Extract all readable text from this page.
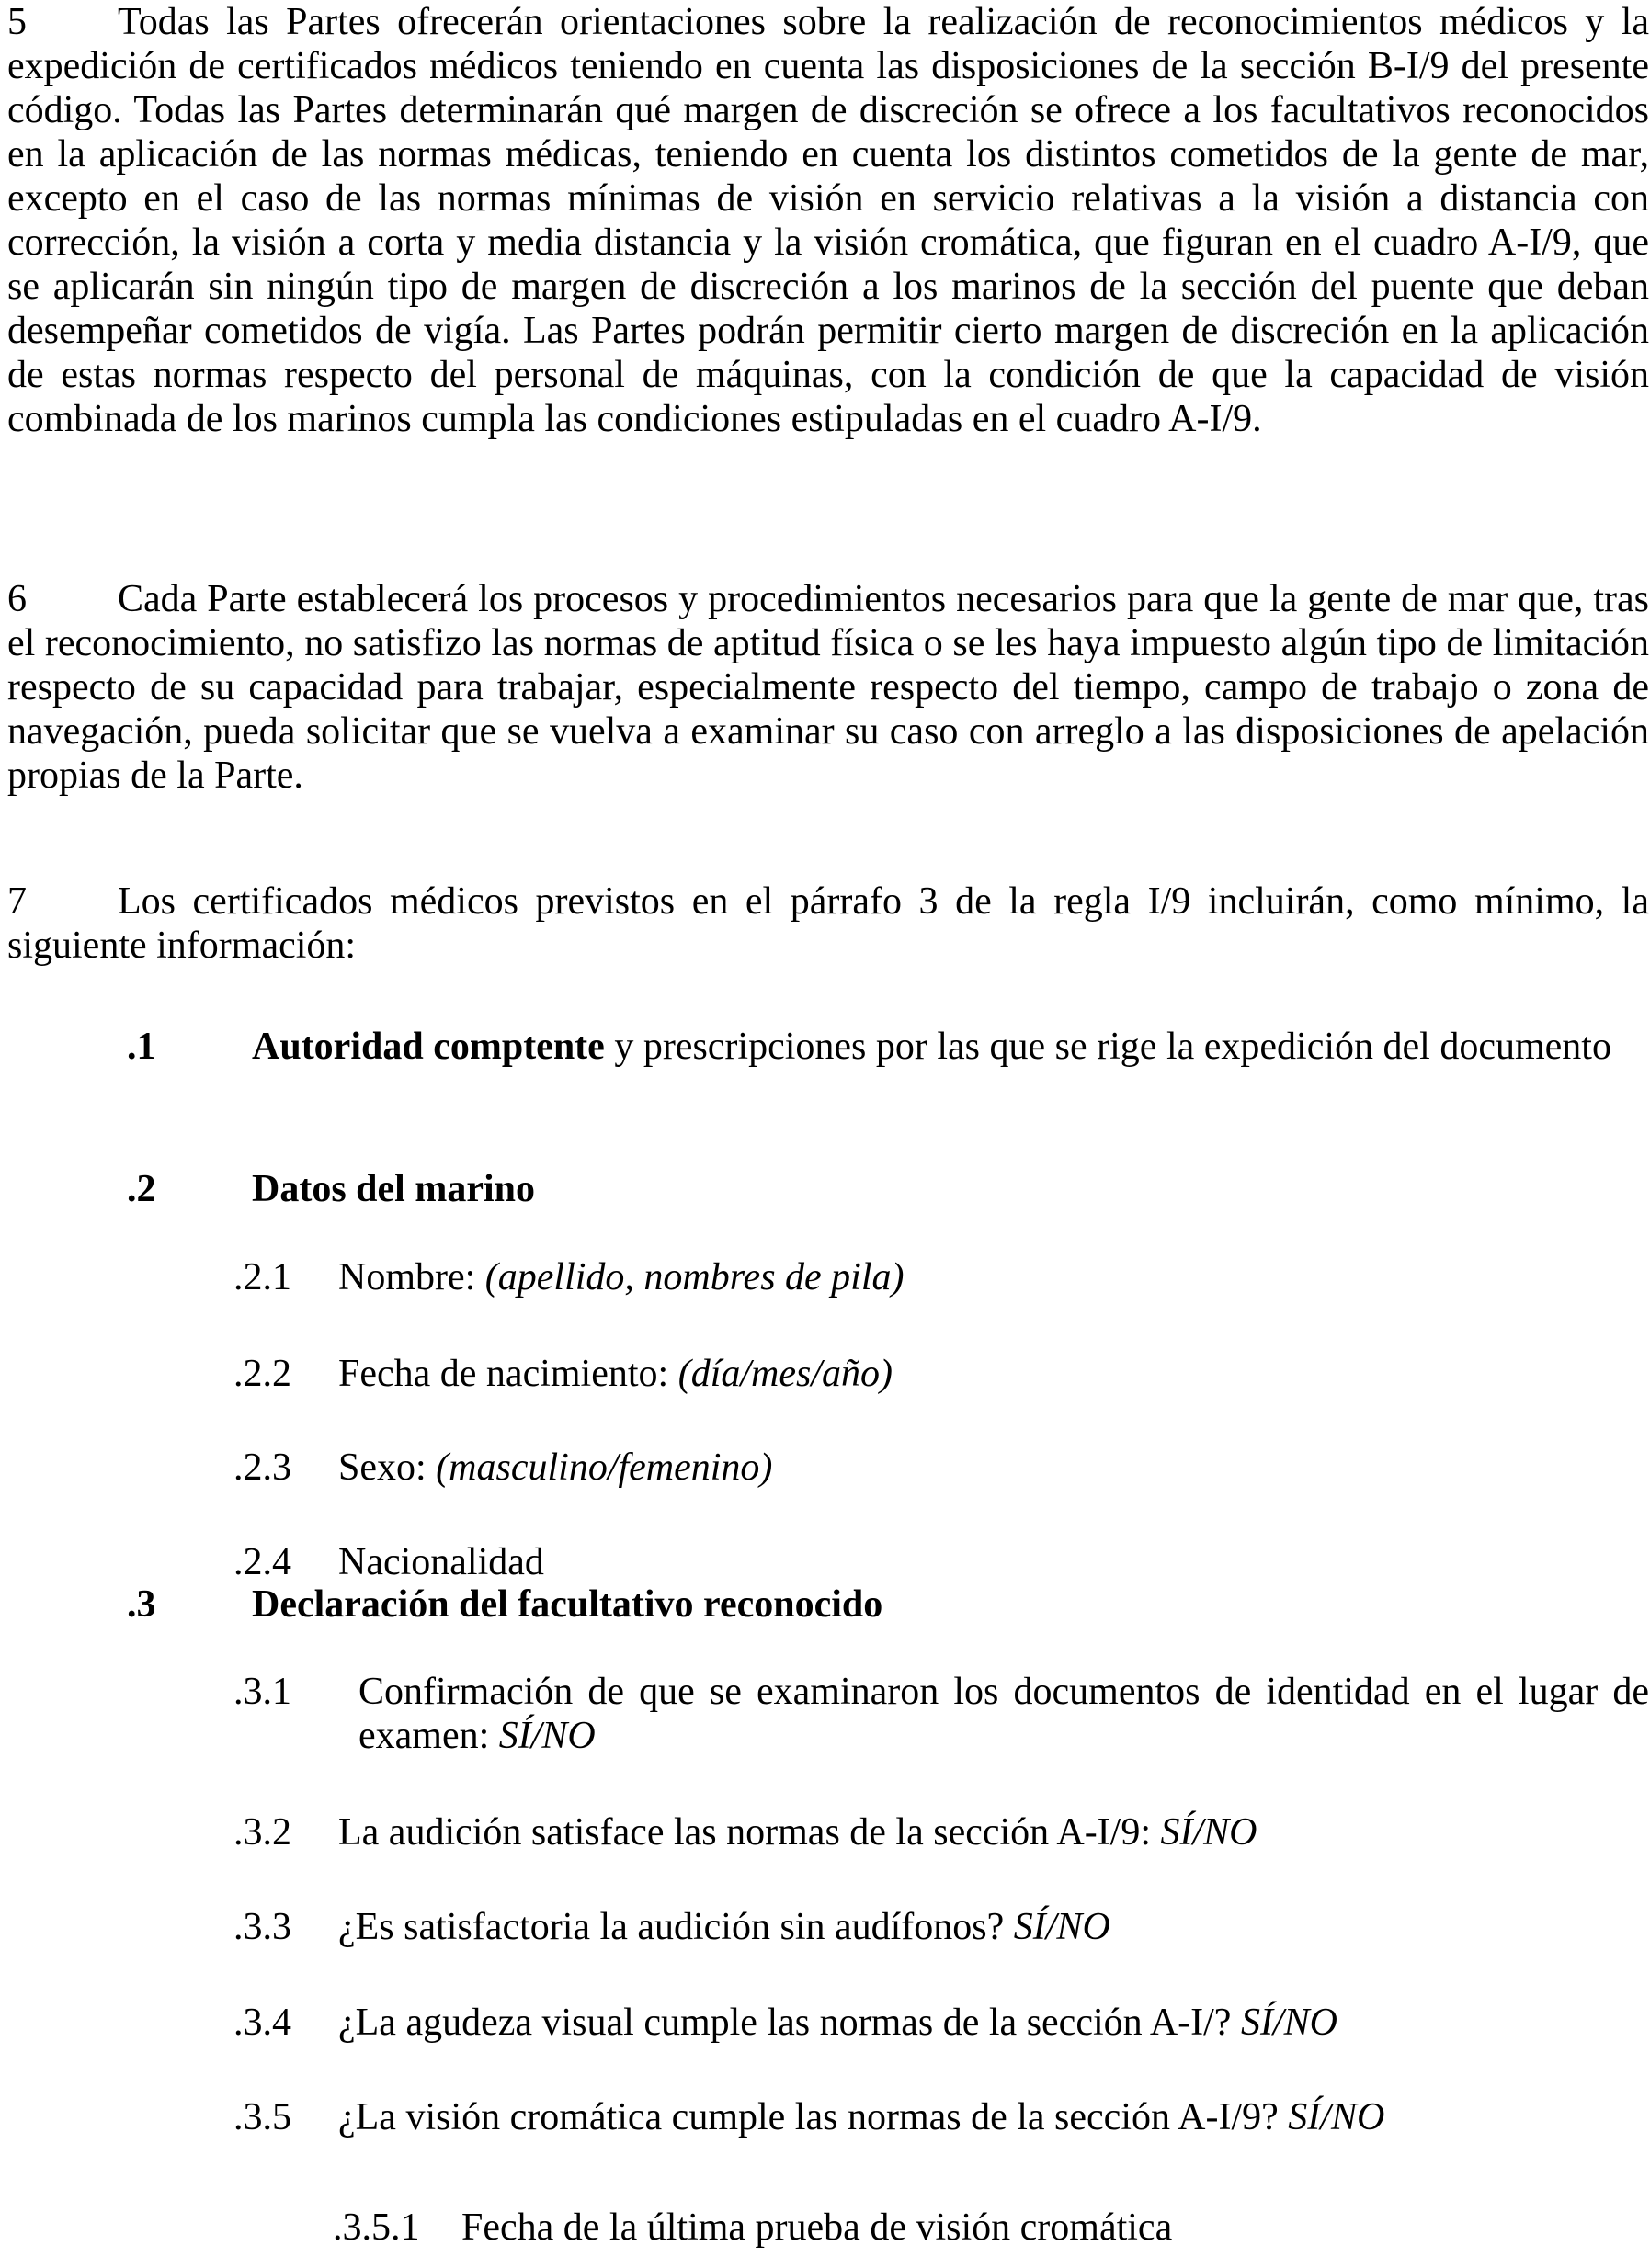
5 Todas las Partes ofrecerán orientaciones sobre la realización de reconocimientos médicos y la expedición de certificados médicos teniendo en cuenta las disposiciones de la sección B-I/9 del presente código. Todas las Partes determinarán qué margen de discreción se ofrece a los facultativos reconocidos en la aplicación de las normas médicas, teniendo en cuenta los distintos cometidos de la gente de mar, excepto en el caso de las normas mínimas de visión en servicio relativas a la visión a distancia con corrección, la visión a corta y media distancia y la visión cromática, que figuran en el cuadro A-I/9, que se aplicarán sin ningún tipo de margen de discreción a los marinos de la sección del puente que deban desempeñar cometidos de vigía. Las Partes podrán permitir cierto margen de discreción en la aplicación de estas normas respecto del personal de máquinas, con la condición de que la capacidad de visión combinada de los marinos cumpla las condiciones estipuladas en el cuadro A-I/9.

6 Cada Parte establecerá los procesos y procedimientos necesarios para que la gente de mar que, tras el reconocimiento, no satisfizo las normas de aptitud física o se les haya impuesto algún tipo de limitación respecto de su capacidad para trabajar, especialmente respecto del tiempo, campo de trabajo o zona de navegación, pueda solicitar que se vuelva a examinar su caso con arreglo a las disposiciones de apelación propias de la Parte.

7 Los certificados médicos previstos en el párrafo 3 de la regla I/9 incluirán, como mínimo, la siguiente información:

.1 Autoridad comptente y prescripciones por las que se rige la expedición del documento
.2 Datos del marino
.2.1 Nombre: (apellido, nombres de pila)
.2.2 Fecha de nacimiento: (día/mes/año)
.2.3 Sexo: (masculino/femenino)
.2.4 Nacionalidad
.3 Declaración del facultativo reconocido
.3.1 Confirmación de que se examinaron los documentos de identidad en el lugar de examen: SÍ/NO
.3.2 La audición satisface las normas de la sección A-I/9: SÍ/NO
.3.3 ¿Es satisfactoria la audición sin audífonos? SÍ/NO
.3.4 ¿La agudeza visual cumple las normas de la sección A-I/? SÍ/NO
.3.5 ¿La visión cromática cumple las normas de la sección A-I/9? SÍ/NO
.3.5.1 Fecha de la última prueba de visión cromática
